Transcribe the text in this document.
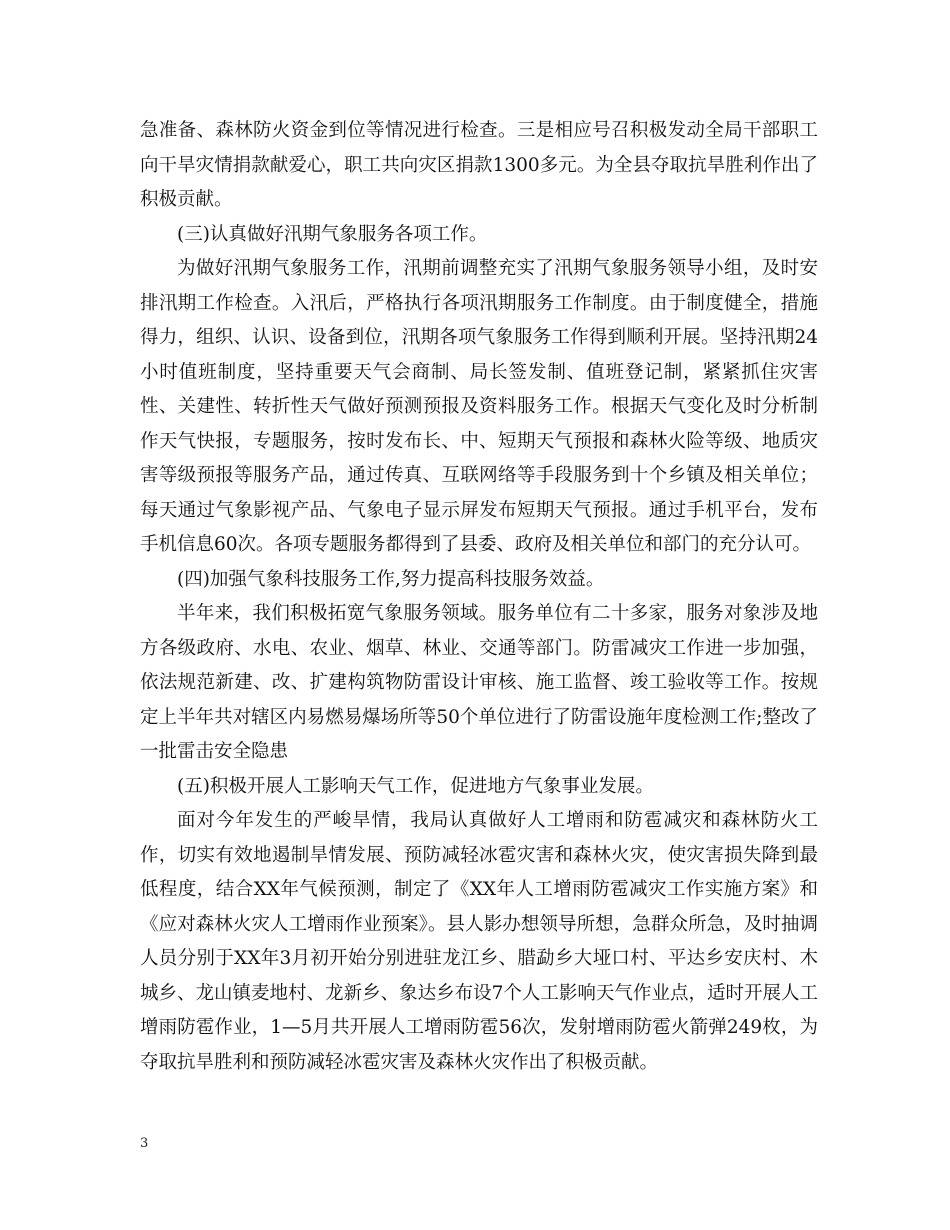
急准备、森林防火资金到位等情况进行检查。三是相应号召积极发动全局干部职工向干旱灾情捐款献爱心，职工共向灾区捐款1300多元。为全县夺取抗旱胜利作出了积极贡献。

(三)认真做好汛期气象服务各项工作。

为做好汛期气象服务工作，汛期前调整充实了汛期气象服务领导小组，及时安排汛期工作检查。入汛后，严格执行各项汛期服务工作制度。由于制度健全，措施得力，组织、认识、设备到位，汛期各项气象服务工作得到顺利开展。坚持汛期24小时值班制度，坚持重要天气会商制、局长签发制、值班登记制，紧紧抓住灾害性、关建性、转折性天气做好预测预报及资料服务工作。根据天气变化及时分析制作天气快报，专题服务，按时发布长、中、短期天气预报和森林火险等级、地质灾害等级预报等服务产品，通过传真、互联网络等手段服务到十个乡镇及相关单位；每天通过气象影视产品、气象电子显示屏发布短期天气预报。通过手机平台，发布手机信息60次。各项专题服务都得到了县委、政府及相关单位和部门的充分认可。

(四)加强气象科技服务工作,努力提高科技服务效益。

半年来，我们积极拓宽气象服务领域。服务单位有二十多家，服务对象涉及地方各级政府、水电、农业、烟草、林业、交通等部门。防雷减灾工作进一步加强，依法规范新建、改、扩建构筑物防雷设计审核、施工监督、竣工验收等工作。按规定上半年共对辖区内易燃易爆场所等50个单位进行了防雷设施年度检测工作;整改了一批雷击安全隐患

(五)积极开展人工影响天气工作，促进地方气象事业发展。

面对今年发生的严峻旱情，我局认真做好人工增雨和防雹减灾和森林防火工作，切实有效地遏制旱情发展、预防减轻冰雹灾害和森林火灾，使灾害损失降到最低程度，结合XX年气候预测，制定了《XX年人工增雨防雹减灾工作实施方案》和《应对森林火灾人工增雨作业预案》。县人影办想领导所想，急群众所急，及时抽调人员分别于XX年3月初开始分别进驻龙江乡、腊勐乡大垭口村、平达乡安庆村、木城乡、龙山镇麦地村、龙新乡、象达乡布设7个人工影响天气作业点，适时开展人工增雨防雹作业，1—5月共开展人工增雨防雹56次，发射增雨防雹火箭弹249枚，为夺取抗旱胜利和预防减轻冰雹灾害及森林火灾作出了积极贡献。

3
